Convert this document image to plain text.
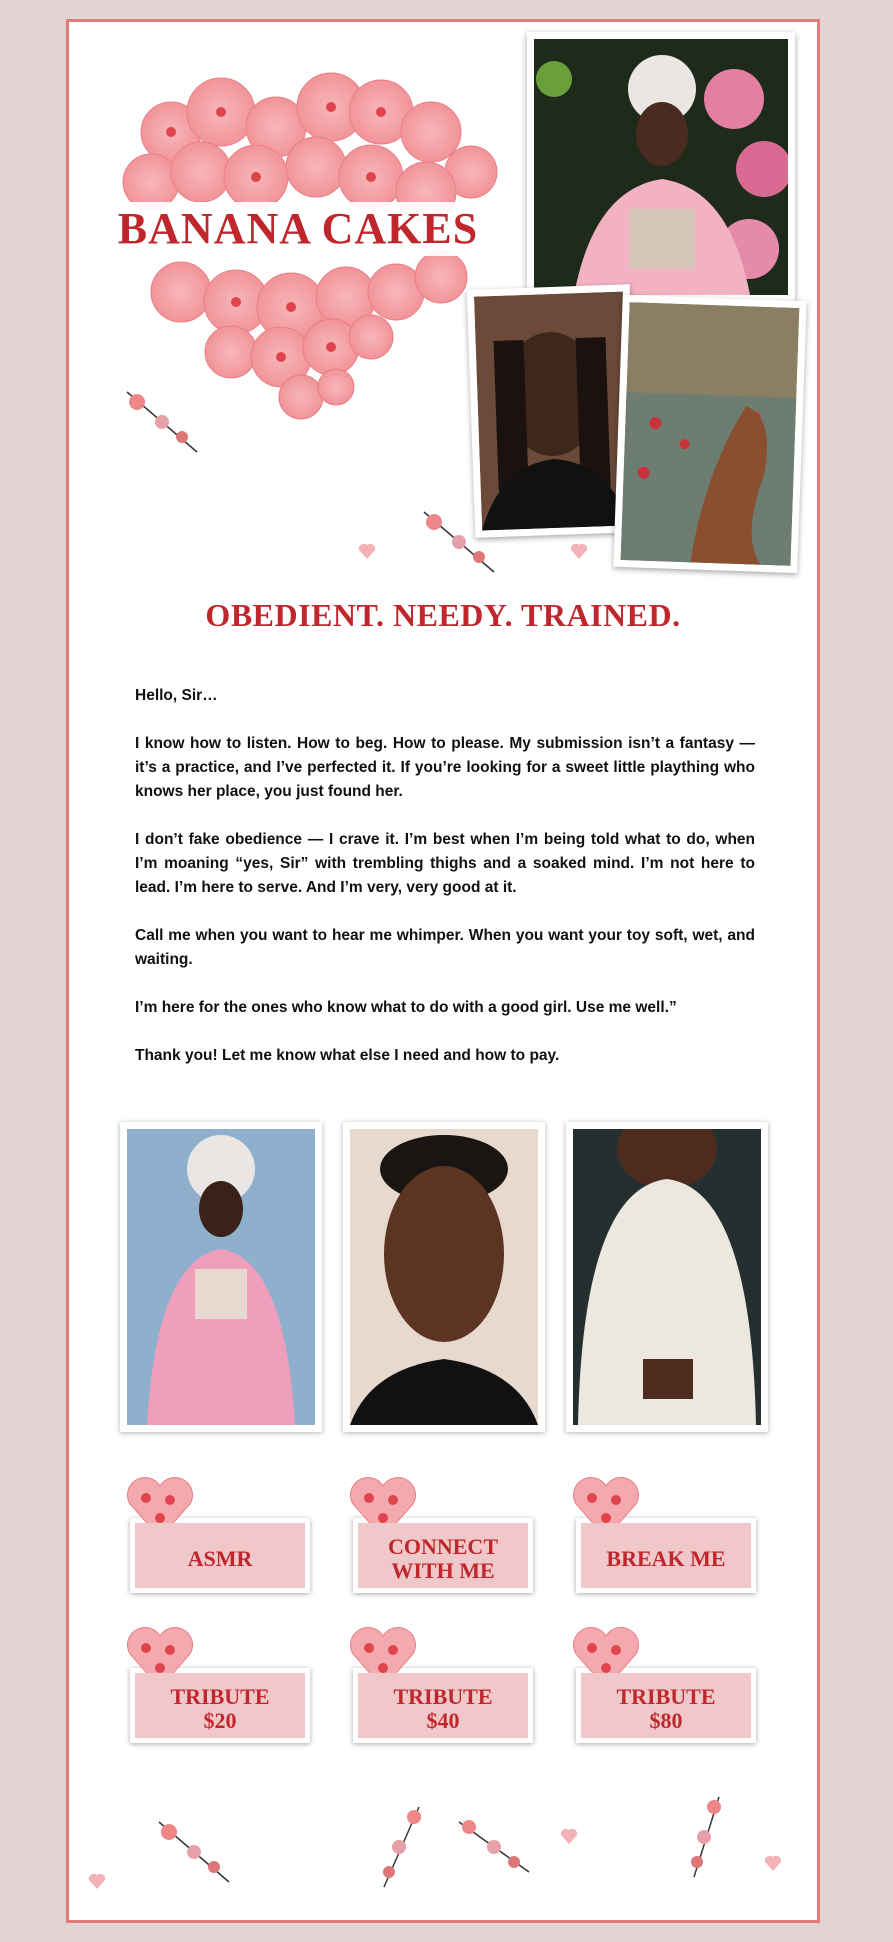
BANANA CAKES
OBEDIENT. NEEDY. TRAINED.

Hello, Sir…

I know how to listen. How to beg. How to please. My submission isn’t a fantasy — it’s a practice, and I’ve perfected it. If you’re looking for a sweet little plaything who knows her place, you just found her.

I don’t fake obedience — I crave it. I’m best when I’m being told what to do, when I’m moaning “yes, Sir” with trembling thighs and a soaked mind. I’m not here to lead. I’m here to serve. And I’m very, very good at it.

Call me when you want to hear me whimper. When you want your toy soft, wet, and waiting.

I’m here for the ones who know what to do with a good girl. Use me well.”

Thank you! Let me know what else I need and how to pay.

ASMR	CONNECT
WITH ME	BREAK ME
TRIBUTE
$20
TRIBUTE
$40
TRIBUTE
$80
